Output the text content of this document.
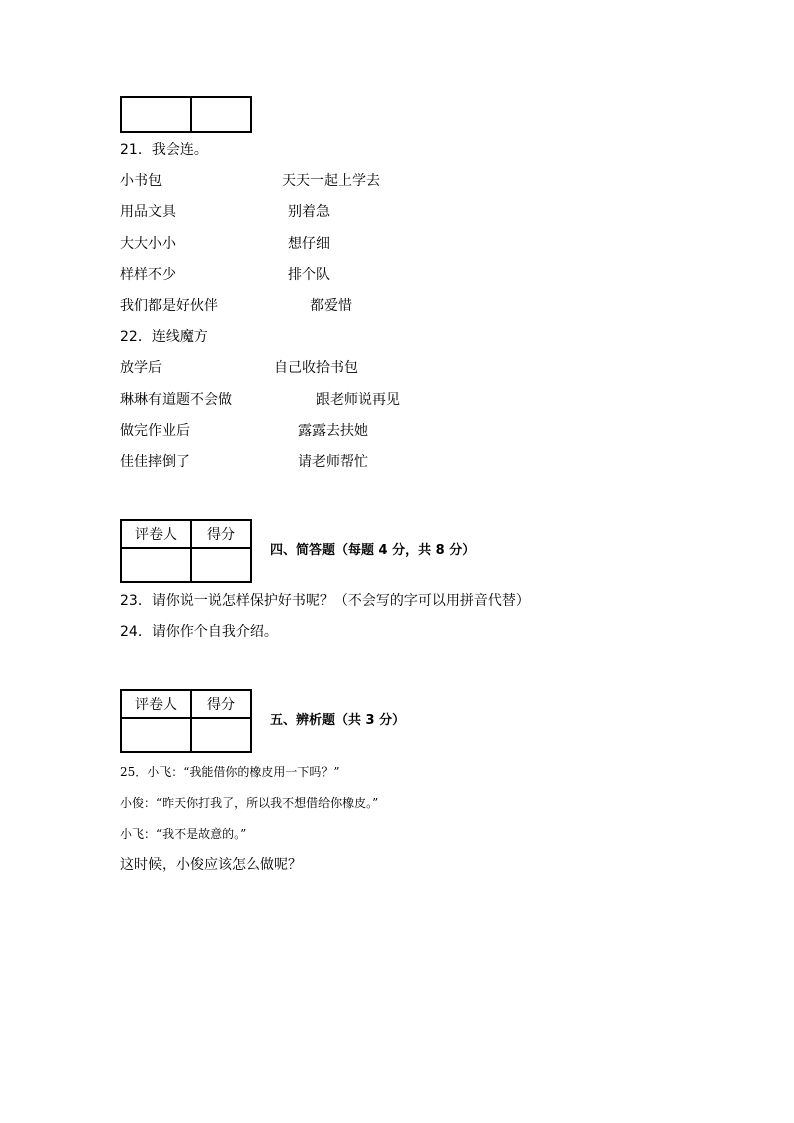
21．我会连。
小书包	天天一起上学去
用品文具	别着急
大大小小	想仔细
样样不少	排个队
我们都是好伙伴	都爱惜
22．连线魔方
放学后	自己收拾书包
琳琳有道题不会做	跟老师说再见
做完作业后	露露去扶她
佳佳摔倒了	请老师帮忙
评卷人	得分

四、简答题（每题 4 分，共 8 分）
23．请你说一说怎样保护好书呢？（不会写的字可以用拼音代替）
24．请你作个自我介绍。
评卷人	得分

五、辨析题（共 3 分）
25．小飞：“我能借你的橡皮用一下吗？”
小俊：“昨天你打我了，所以我不想借给你橡皮。”
小飞：“我不是故意的。”
这时候，小俊应该怎么做呢？
